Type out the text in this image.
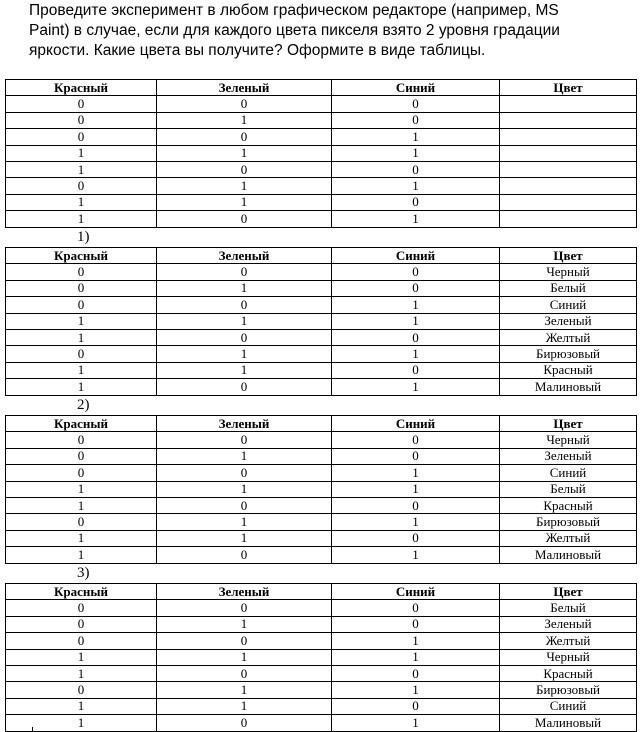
Проведите эксперимент в любом графическом редакторе (например, MS Paint) в случае, если для каждого цвета пикселя взято 2 уровня градации яркости. Какие цвета вы получите? Оформите в виде таблицы.
1)
2)
3)
Красный	Зеленый	Синий	Цвет
0	0	0	
0	1	0	
0	0	1	
1	1	1	
1	0	0	
0	1	1	
1	1	0	
1	0	1	
Красный	Зеленый	Синий	Цвет
0	0	0	Черный
0	1	0	Белый
0	0	1	Синий
1	1	1	Зеленый
1	0	0	Желтый
0	1	1	Бирюзовый
1	1	0	Красный
1	0	1	Малиновый
Красный	Зеленый	Синий	Цвет
0	0	0	Черный
0	1	0	Зеленый
0	0	1	Синий
1	1	1	Белый
1	0	0	Красный
0	1	1	Бирюзовый
1	1	0	Желтый
1	0	1	Малиновый
Красный	Зеленый	Синий	Цвет
0	0	0	Белый
0	1	0	Зеленый
0	0	1	Желтый
1	1	1	Черный
1	0	0	Красный
0	1	1	Бирюзовый
1	1	0	Синий
1	0	1	Малиновый
